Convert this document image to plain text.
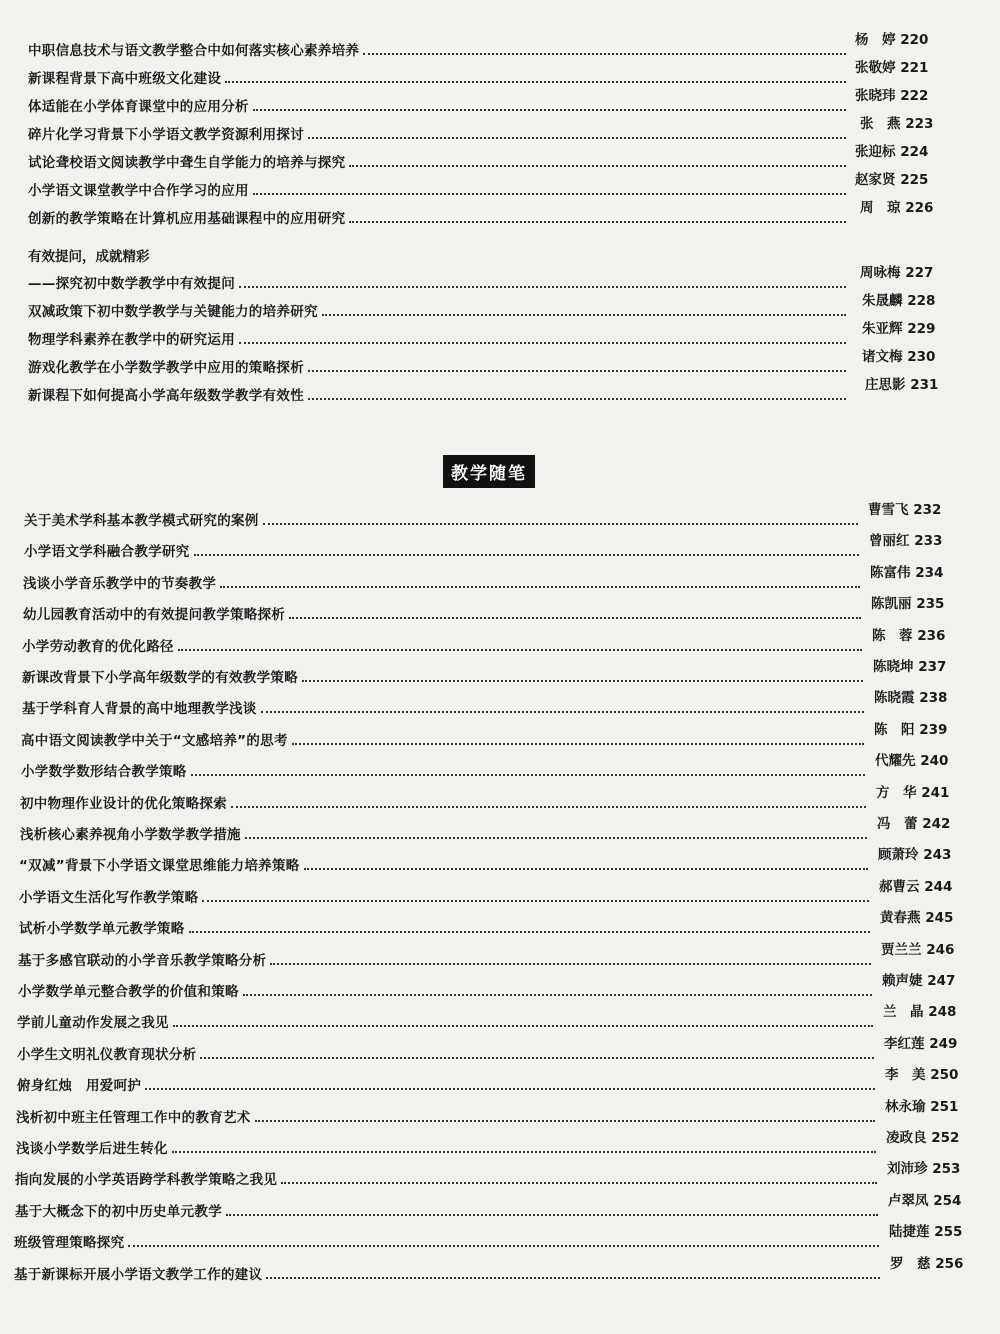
中职信息技术与语文教学整合中如何落实核心素养培养
杨　婷 220
新课程背景下高中班级文化建设
张敬婷 221
体适能在小学体育课堂中的应用分析
张晓玮 222
碎片化学习背景下小学语文教学资源利用探讨
张　燕 223
试论聋校语文阅读教学中聋生自学能力的培养与探究
张迎标 224
小学语文课堂教学中合作学习的应用
赵家贤 225
创新的教学策略在计算机应用基础课程中的应用研究
周　琼 226
——探究初中数学教学中有效提问
周咏梅 227
双减政策下初中数学教学与关键能力的培养研究
朱晟麟 228
物理学科素养在教学中的研究运用
朱亚辉 229
游戏化教学在小学数学教学中应用的策略探析
诸文梅 230
新课程下如何提高小学高年级数学教学有效性
庄思影 231
有效提问，成就精彩
教学随笔
关于美术学科基本教学模式研究的案例
曹雪飞 232
小学语文学科融合教学研究
曾丽红 233
浅谈小学音乐教学中的节奏教学
陈富伟 234
幼儿园教育活动中的有效提问教学策略探析
陈凯丽 235
小学劳动教育的优化路径
陈　蓉 236
新课改背景下小学高年级数学的有效教学策略
陈晓坤 237
基于学科育人背景的高中地理教学浅谈
陈晓霞 238
高中语文阅读教学中关于“文感培养”的思考
陈　阳 239
小学数学数形结合教学策略
代耀先 240
初中物理作业设计的优化策略探索
方　华 241
浅析核心素养视角小学数学教学措施
冯　蕾 242
“双减”背景下小学语文课堂思维能力培养策略
顾萧玲 243
小学语文生活化写作教学策略
郝曹云 244
试析小学数学单元教学策略
黄春燕 245
基于多感官联动的小学音乐教学策略分析
贾兰兰 246
小学数学单元整合教学的价值和策略
赖声婕 247
学前儿童动作发展之我见
兰　晶 248
小学生文明礼仪教育现状分析
李红莲 249
俯身红烛　用爱呵护
李　美 250
浅析初中班主任管理工作中的教育艺术
林永瑜 251
浅谈小学数学后进生转化
凌政良 252
指向发展的小学英语跨学科教学策略之我见
刘沛珍 253
基于大概念下的初中历史单元教学
卢翠凤 254
班级管理策略探究
陆捷莲 255
基于新课标开展小学语文教学工作的建议
罗　慈 256
